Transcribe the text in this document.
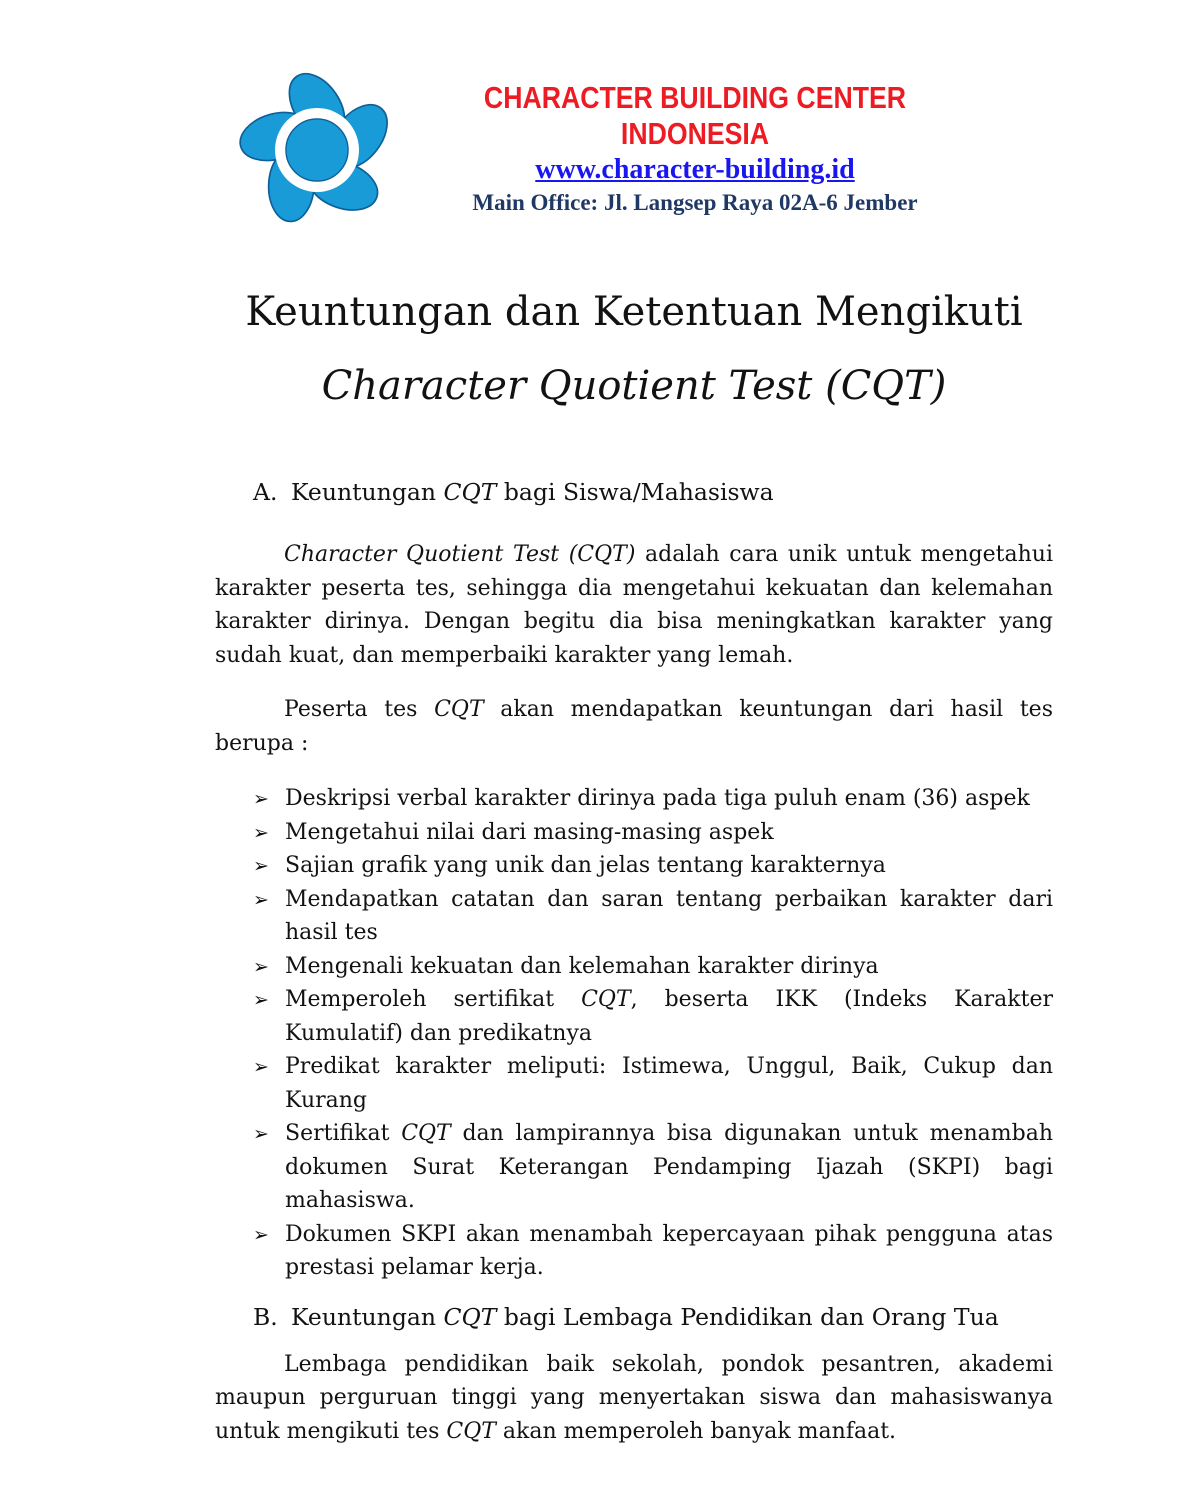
CHARACTER BUILDING CENTER
INDONESIA
www.character-building.id
Main Office: Jl. Langsep Raya 02A-6 Jember
Keuntungan dan Ketentuan Mengikuti
Character Quotient Test (CQT)
A. Keuntungan CQT bagi Siswa/Mahasiswa

Character Quotient Test (CQT) adalah cara unik untuk mengetahui karakter peserta tes, sehingga dia mengetahui kekuatan dan kelemahan karakter dirinya. Dengan begitu dia bisa meningkatkan karakter yang sudah kuat, dan memperbaiki karakter yang lemah.

Peserta tes CQT akan mendapatkan keuntungan dari hasil tes berupa :

➢ Deskripsi verbal karakter dirinya pada tiga puluh enam (36) aspek
➢ Mengetahui nilai dari masing-masing aspek
➢ Sajian grafik yang unik dan jelas tentang karakternya
➢ Mendapatkan catatan dan saran tentang perbaikan karakter dari hasil tes
➢ Mengenali kekuatan dan kelemahan karakter dirinya
➢ Memperoleh sertifikat CQT, beserta IKK (Indeks Karakter Kumulatif) dan predikatnya
➢ Predikat karakter meliputi: Istimewa, Unggul, Baik, Cukup dan Kurang
➢ Sertifikat CQT dan lampirannya bisa digunakan untuk menambah dokumen Surat Keterangan Pendamping Ijazah (SKPI) bagi mahasiswa.
➢ Dokumen SKPI akan menambah kepercayaan pihak pengguna atas prestasi pelamar kerja.
B. Keuntungan CQT bagi Lembaga Pendidikan dan Orang Tua

Lembaga pendidikan baik sekolah, pondok pesantren, akademi maupun perguruan tinggi yang menyertakan siswa dan mahasiswanya untuk mengikuti tes CQT akan memperoleh banyak manfaat.
